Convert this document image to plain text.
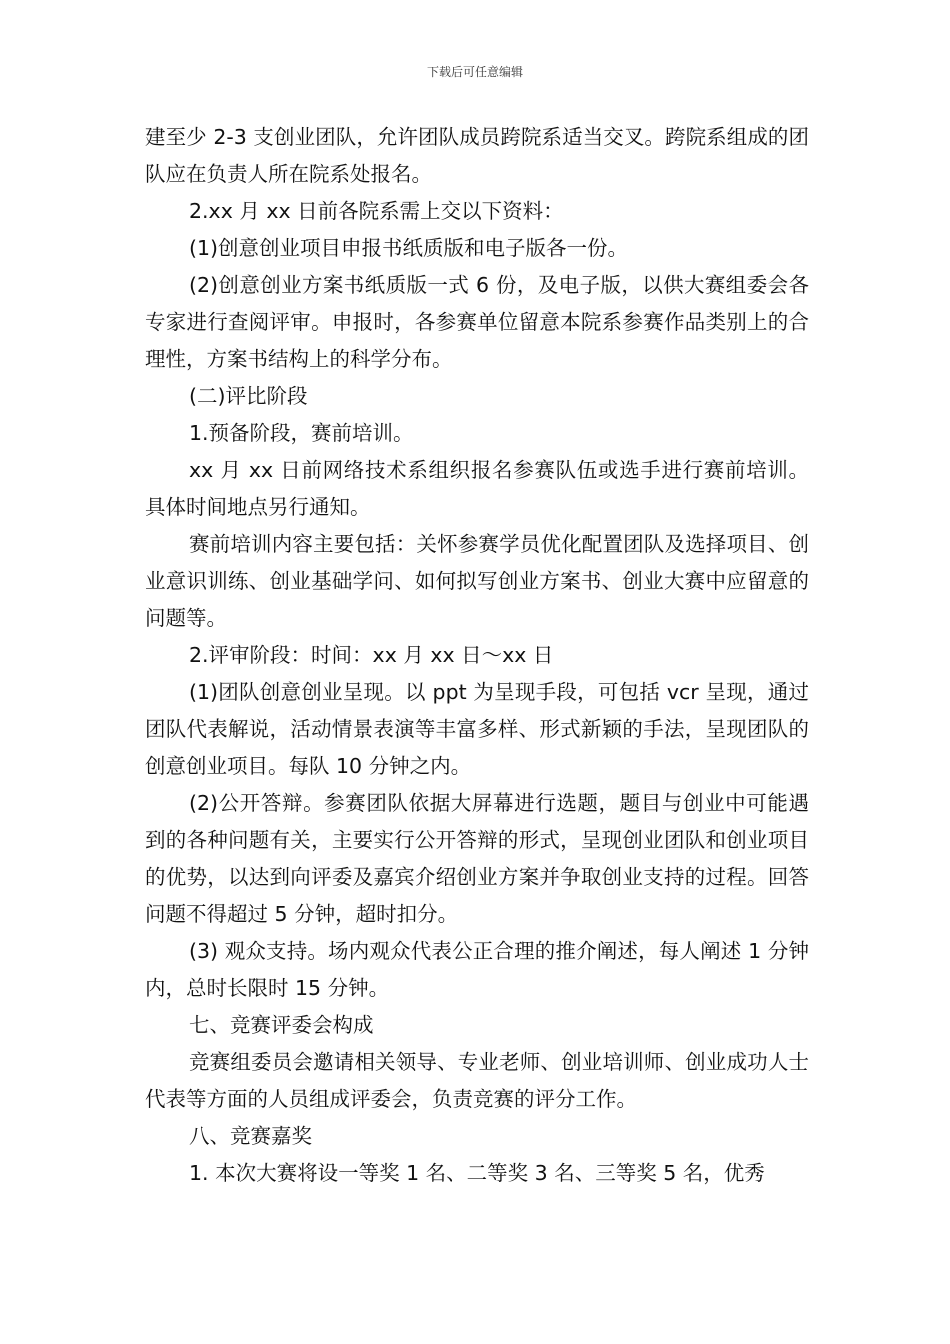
下载后可任意编辑

建至少 2-3 支创业团队，允许团队成员跨院系适当交叉。跨院系组成的团队应在负责人所在院系处报名。

2.xx 月 xx 日前各院系需上交以下资料：

(1)创意创业项目申报书纸质版和电子版各一份。

(2)创意创业方案书纸质版一式 6 份，及电子版，以供大赛组委会各专家进行查阅评审。申报时，各参赛单位留意本院系参赛作品类别上的合理性，方案书结构上的科学分布。

(二)评比阶段

1.预备阶段，赛前培训。

xx 月 xx 日前网络技术系组织报名参赛队伍或选手进行赛前培训。具体时间地点另行通知。

赛前培训内容主要包括：关怀参赛学员优化配置团队及选择项目、创业意识训练、创业基础学问、如何拟写创业方案书、创业大赛中应留意的问题等。

2.评审阶段：时间：xx 月 xx 日～xx 日

(1)团队创意创业呈现。以 ppt 为呈现手段，可包括 vcr 呈现，通过团队代表解说，活动情景表演等丰富多样、形式新颖的手法，呈现团队的创意创业项目。每队 10 分钟之内。

(2)公开答辩。参赛团队依据大屏幕进行选题，题目与创业中可能遇到的各种问题有关，主要实行公开答辩的形式，呈现创业团队和创业项目的优势，以达到向评委及嘉宾介绍创业方案并争取创业支持的过程。回答问题不得超过 5 分钟，超时扣分。

(3) 观众支持。场内观众代表公正合理的推介阐述，每人阐述 1 分钟内，总时长限时 15 分钟。

七、竞赛评委会构成

竞赛组委员会邀请相关领导、专业老师、创业培训师、创业成功人士代表等方面的人员组成评委会，负责竞赛的评分工作。

八、竞赛嘉奖

1. 本次大赛将设一等奖 1 名、二等奖 3 名、三等奖 5 名，优秀
